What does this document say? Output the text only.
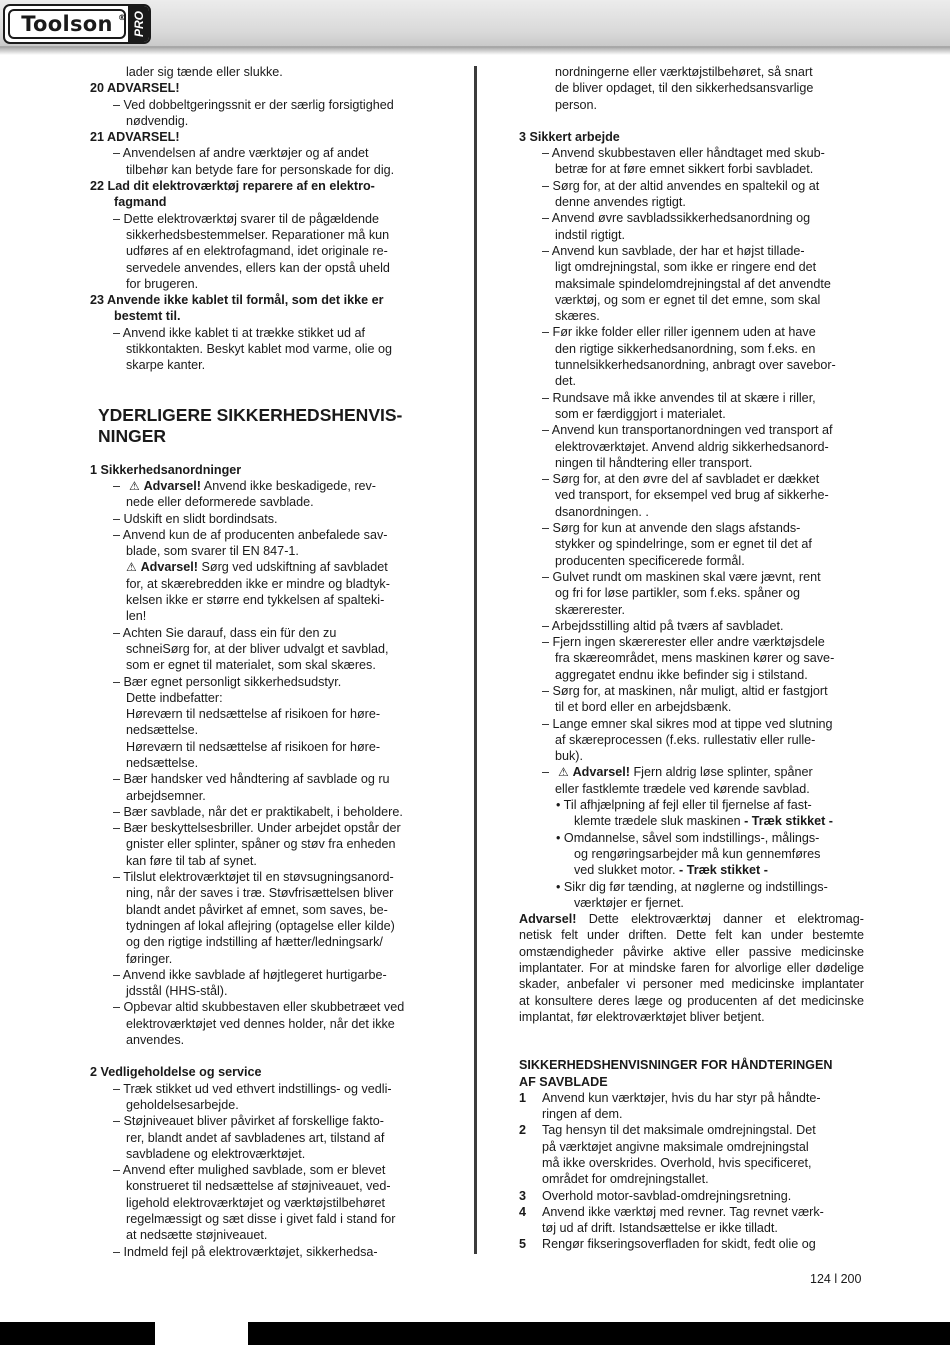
Toolson ® PRO
lader sig tænde eller slukke.
20 ADVARSEL!
– Ved dobbeltgeringssnit er der særlig forsigtighed
nødvendig.
21 ADVARSEL!
– Anvendelsen af andre værktøjer og af andet
tilbehør kan betyde fare for personskade for dig.
22 Lad dit elektroværktøj reparere af en elektro-
fagmand
– Dette elektroværktøj svarer til de pågældende
sikkerhedsbestemmelser. Reparationer må kun
udføres af en elektrofagmand, idet originale re-
servedele anvendes, ellers kan der opstå uheld
for brugeren.
23 Anvende ikke kablet til formål, som det ikke er
bestemt til.
– Anvend ikke kablet ti at trække stikket ud af
stikkontakten. Beskyt kablet mod varme, olie og
skarpe kanter.
YDERLIGERE SIKKERHEDSHENVIS-
NINGER
1 Sikkerhedsanordninger
– ⚠ Advarsel! Anvend ikke beskadigede, rev-
nede eller deformerede savblade.
– Udskift en slidt bordindsats.
– Anvend kun de af producenten anbefalede sav-
blade, som svarer til EN 847-1.
⚠ Advarsel! Sørg ved udskiftning af savbladet
for, at skærebredden ikke er mindre og bladtyk-
kelsen ikke er større end tykkelsen af spalteki-
len!
– Achten Sie darauf, dass ein für den zu
schneiSørg for, at der bliver udvalgt et savblad,
som er egnet til materialet, som skal skæres.
– Bær egnet personligt sikkerhedsudstyr.
Dette indbefatter:
Høreværn til nedsættelse af risikoen for høre-
nedsættelse.
Høreværn til nedsættelse af risikoen for høre-
nedsættelse.
– Bær handsker ved håndtering af savblade og ru
arbejdsemner.
– Bær savblade, når det er praktikabelt, i beholdere.
– Bær beskyttelsesbriller. Under arbejdet opstår der
gnister eller splinter, spåner og støv fra enheden
kan føre til tab af synet.
– Tilslut elektroværktøjet til en støvsugningsanord-
ning, når der saves i træ. Støvfrisættelsen bliver
blandt andet påvirket af emnet, som saves, be-
tydningen af lokal aflejring (optagelse eller kilde)
og den rigtige indstilling af hætter/ledningsark/
føringer.
– Anvend ikke savblade af højtlegeret hurtigarbe-
jdsstål (HHS-stål).
– Opbevar altid skubbestaven eller skubbetræet ved
elektroværktøjet ved dennes holder, når det ikke
anvendes.
2 Vedligeholdelse og service
– Træk stikket ud ved ethvert indstillings- og vedli-
geholdelsesarbejde.
– Støjniveauet bliver påvirket af forskellige fakto-
rer, blandt andet af savbladenes art, tilstand af
savbladene og elektroværktøjet.
– Anvend efter mulighed savblade, som er blevet
konstrueret til nedsættelse af støjniveauet, ved-
ligehold elektroværktøjet og værktøjstilbehøret
regelmæssigt og sæt disse i givet fald i stand for
at nedsætte støjniveauet.
– Indmeld fejl på elektroværktøjet, sikkerhedsa-
nordningerne eller værktøjstilbehøret, så snart
de bliver opdaget, til den sikkerhedsansvarlige
person.
3 Sikkert arbejde
– Anvend skubbestaven eller håndtaget med skub-
betræ for at føre emnet sikkert forbi savbladet.
– Sørg for, at der altid anvendes en spaltekil og at
denne anvendes rigtigt.
– Anvend øvre savbladssikkerhedsanordning og
indstil rigtigt.
– Anvend kun savblade, der har et højst tillade-
ligt omdrejningstal, som ikke er ringere end det
maksimale spindelomdrejningstal af det anvendte
værktøj, og som er egnet til det emne, som skal
skæres.
– Før ikke folder eller riller igennem uden at have
den rigtige sikkerhedsanordning, som f.eks. en
tunnelsikkerhedsanordning, anbragt over savebor-
det.
– Rundsave må ikke anvendes til at skære i riller,
som er færdiggjort i materialet.
– Anvend kun transportanordningen ved transport af
elektroværktøjet. Anvend aldrig sikkerhedsanord-
ningen til håndtering eller transport.
– Sørg for, at den øvre del af savbladet er dækket
ved transport, for eksempel ved brug af sikkerhe-
dsanordningen. .
– Sørg for kun at anvende den slags afstands-
stykker og spindelringe, som er egnet til det af
producenten specificerede formål.
– Gulvet rundt om maskinen skal være jævnt, rent
og fri for løse partikler, som f.eks. spåner og
skærerester.
– Arbejdsstilling altid på tværs af savbladet.
– Fjern ingen skærerester eller andre værktøjsdele
fra skæreområdet, mens maskinen kører og save-
aggregatet endnu ikke befinder sig i stilstand.
– Sørg for, at maskinen, når muligt, altid er fastgjort
til et bord eller en arbejdsbænk.
– Lange emner skal sikres mod at tippe ved slutning
af skæreprocessen (f.eks. rullestativ eller rulle-
buk).
– ⚠ Advarsel! Fjern aldrig løse splinter, spåner
eller fastklemte trædele ved kørende savblad.
• Til afhjælpning af fejl eller til fjernelse af fast-
klemte trædele sluk maskinen - Træk stikket -
• Omdannelse, såvel som indstillings-, målings-
og rengøringsarbejder må kun gennemføres
ved slukket motor. - Træk stikket -
• Sikr dig før tænding, at nøglerne og indstillings-
værktøjer er fjernet.
Advarsel! Dette elektroværktøj danner et elektromag-
netisk felt under driften. Dette felt kan under bestemte
omstændigheder påvirke aktive eller passive medicinske
implantater. For at mindske faren for alvorlige eller dødelige
skader, anbefaler vi personer med medicinske implantater
at konsultere deres læge og producenten af det medicinske
implantat, før elektroværktøjet bliver betjent.
SIKKERHEDSHENVISNINGER FOR HÅNDTERINGEN
AF SAVBLADE
1 Anvend kun værktøjer, hvis du har styr på håndte-
ringen af dem.
2 Tag hensyn til det maksimale omdrejningstal. Det
på værktøjet angivne maksimale omdrejningstal
må ikke overskrides. Overhold, hvis specificeret,
området for omdrejningstallet.
3 Overhold motor-savblad-omdrejningsretning.
4 Anvend ikke værktøj med revner. Tag revnet værk-
tøj ud af drift. Istandsættelse er ikke tilladt.
5 Rengør fikseringsoverfladen for skidt, fedt olie og
124 l 200
